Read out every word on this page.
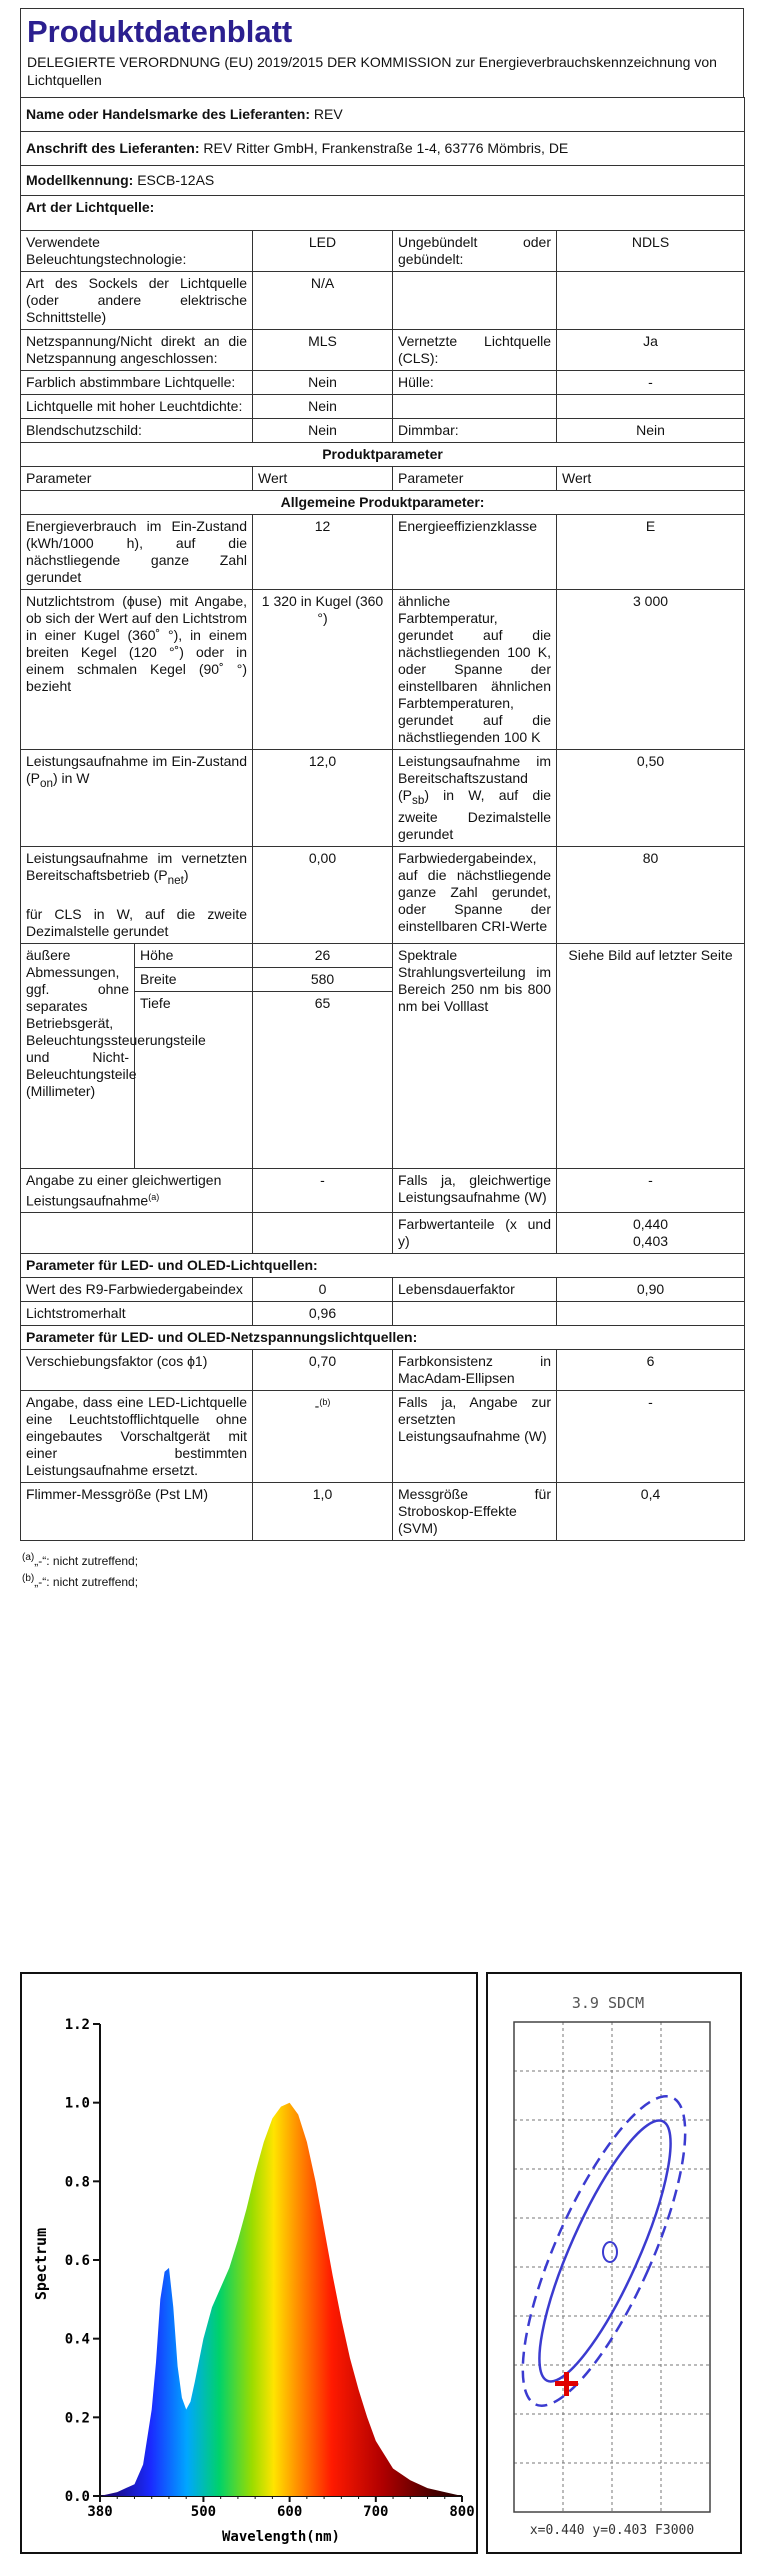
Produktdatenblatt
DELEGIERTE VERORDNUNG (EU) 2019/2015 DER KOMMISSION zur Energieverbrauchskennzeichnung von Lichtquellen
Name oder Handelsmarke des Lieferanten: REV				
Anschrift des Lieferanten: REV Ritter GmbH, Frankenstraße 1-4, 63776 Mömbris, DE				
Modellkennung: ESCB-12AS				
Art der Lichtquelle:				
Verwendete Beleuchtungstechnologie:		LED	Ungebündelt oder gebündelt:	NDLS
Art des Sockels der Lichtquelle (oder andere elektrische Schnittstelle)		N/A		
Netzspannung/Nicht direkt an die Netzspannung angeschlossen:		MLS	Vernetzte Lichtquelle (CLS):	Ja
Farblich abstimmbare Lichtquelle:		Nein	Hülle:	-
Lichtquelle mit hoher Leuchtdichte:		Nein		
Blendschutzschild:		Nein	Dimmbar:	Nein
Produktparameter				
Parameter		Wert	Parameter	Wert
Allgemeine Produktparameter:				
Energieverbrauch im Ein-Zustand (kWh/1000 h), auf die nächstliegende ganze Zahl gerundet		12	Energieeffizienzklasse	E
Nutzlichtstrom (ϕuse) mit Angabe, ob sich der Wert auf den Lichtstrom in einer Kugel (360˚ °), in einem breiten Kegel (120 °˚) oder in einem schmalen Kegel (90˚ °) bezieht		1 320 in Kugel (360 °)	ähnliche Farbtemperatur, gerundet auf die nächstliegenden 100 K, oder Spanne der einstellbaren ähnlichen Farbtemperaturen, gerundet auf die nächstliegenden 100 K	3 000
Leistungsaufnahme im Ein-Zustand $(P_{on})$ in W		12,0	Leistungsaufnahme im Bereitschaftszustand $(P_{sb})$ in W, auf die zweite Dezimalstelle gerundet	0,50
Leistungsaufnahme im vernetzten Bereitschaftsbetrieb $(P_{net})$

für CLS in W, auf die zweite Dezimalstelle gerundet		0,00	Farbwiedergabeindex, auf die nächstliegende ganze Zahl gerundet, oder Spanne der einstellbaren CRI-Werte	80
äußere Abmessungen, ggf. ohne separates Betriebsgerät, Beleuchtungssteuerungsteile und Nicht-Beleuchtungsteile (Millimeter)	Höhe	26	Spektrale Strahlungsverteilung im Bereich 250 nm bis 800 nm bei Volllast	Siehe Bild auf letzter Seite
	Breite	580		
	Tiefe	65		
Angabe zu einer gleichwertigen Leistungsaufnahme$^{(a)}$		-	Falls ja, gleichwertige Leistungsaufnahme (W)	-
			Farbwertanteile (x und y)	0,440
0,403
Parameter für LED- und OLED-Lichtquellen:				
Wert des R9-Farbwiedergabeindex		0	Lebensdauerfaktor	0,90
Lichtstromerhalt		0,96		
Parameter für LED- und OLED-Netzspannungslichtquellen:				
Verschiebungsfaktor (cos ϕ1)		0,70	Farbkonsistenz in MacAdam-Ellipsen	6
Angabe, dass eine LED-Lichtquelle eine Leuchtstofflichtquelle ohne eingebautes Vorschaltgerät mit einer bestimmten Leistungsaufnahme ersetzt.		-$^{(b)}$	Falls ja, Angabe zur ersetzten Leistungsaufnahme (W)	-
Flimmer-Messgröße (Pst LM)		1,0	Messgröße für Stroboskop-Effekte (SVM)	0,4
$^{(a)}$„-“: nicht zutreffend;
$^{(b)}$„-“: nicht zutreffend;
0.0
0.2
0.4
0.6
0.8
1.0
1.2
380	500	600	700	800
Spectrum
Wavelength(nm)
3.9 SDCM
x=0.440 y=0.403 F3000
